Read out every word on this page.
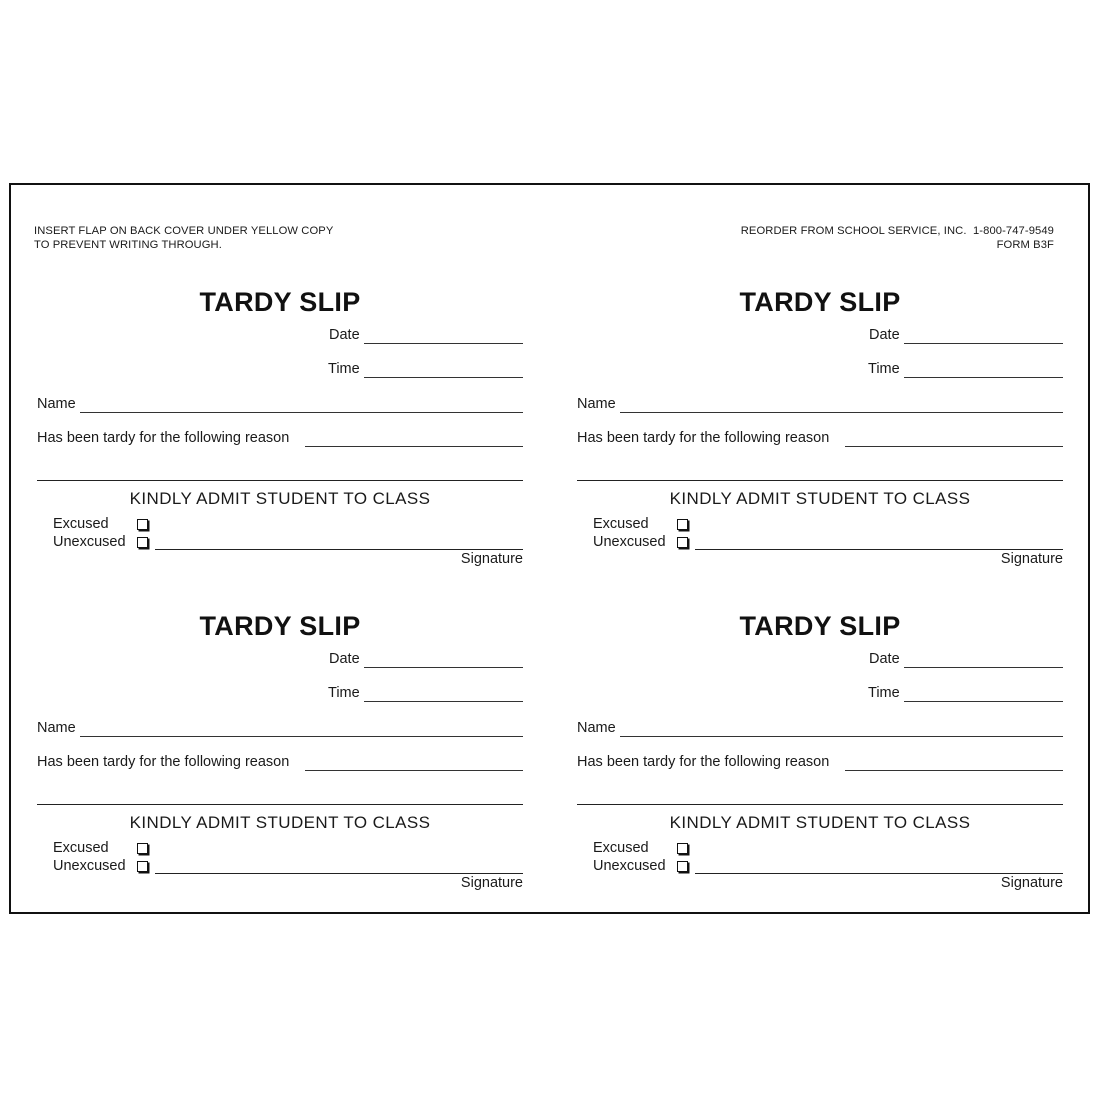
INSERT FLAP ON BACK COVER UNDER YELLOW COPY
TO PREVENT WRITING THROUGH.
REORDER FROM SCHOOL SERVICE, INC.  1-800-747-9549
FORM B3F
TARDY SLIP
Date
Time
Name
Has been tardy for the following reason
KINDLY ADMIT STUDENT TO CLASS
Excused
Unexcused
Signature
TARDY SLIP
Date
Time
Name
Has been tardy for the following reason
KINDLY ADMIT STUDENT TO CLASS
Excused
Unexcused
Signature
TARDY SLIP
Date
Time
Name
Has been tardy for the following reason
KINDLY ADMIT STUDENT TO CLASS
Excused
Unexcused
Signature
TARDY SLIP
Date
Time
Name
Has been tardy for the following reason
KINDLY ADMIT STUDENT TO CLASS
Excused
Unexcused
Signature
